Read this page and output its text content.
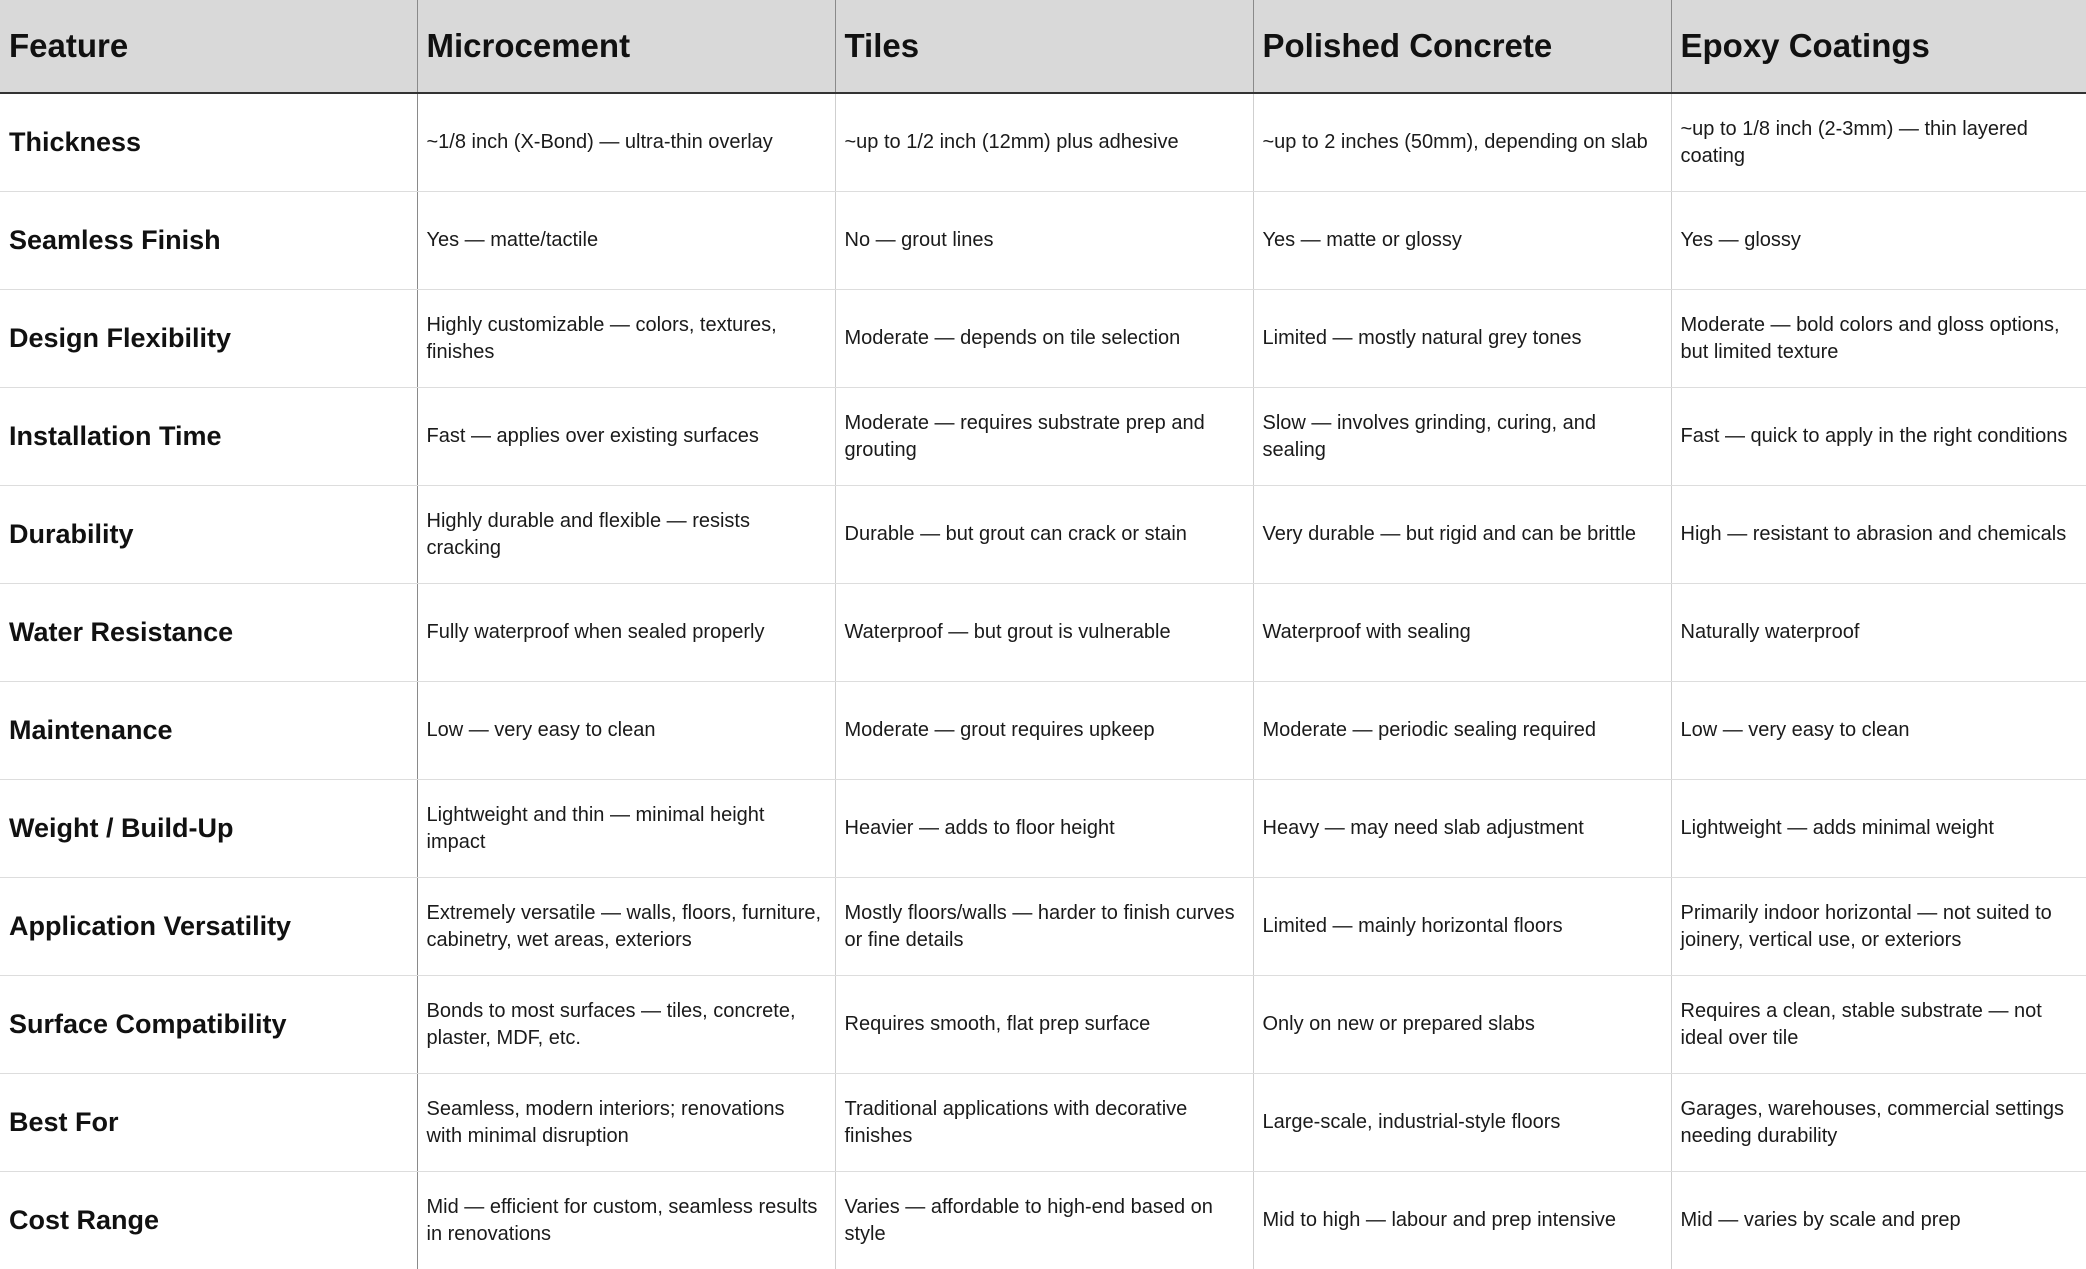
Feature	Microcement	Tiles	Polished Concrete	Epoxy Coatings
Thickness	~1/8 inch (X-Bond) — ultra-thin overlay	~up to 1/2 inch (12mm) plus adhesive	~up to 2 inches (50mm), depending on slab	~up to 1/8 inch (2-3mm) — thin layered coating
Seamless Finish	Yes — matte/tactile	No — grout lines	Yes — matte or glossy	Yes — glossy
Design Flexibility	Highly customizable — colors, textures, finishes	Moderate — depends on tile selection	Limited — mostly natural grey tones	Moderate — bold colors and gloss options, but limited texture
Installation Time	Fast — applies over existing surfaces	Moderate — requires substrate prep and grouting	Slow — involves grinding, curing, and sealing	Fast — quick to apply in the right conditions
Durability	Highly durable and flexible — resists cracking	Durable — but grout can crack or stain	Very durable — but rigid and can be brittle	High — resistant to abrasion and chemicals
Water Resistance	Fully waterproof when sealed properly	Waterproof — but grout is vulnerable	Waterproof with sealing	Naturally waterproof
Maintenance	Low — very easy to clean	Moderate — grout requires upkeep	Moderate — periodic sealing required	Low — very easy to clean
Weight / Build-Up	Lightweight and thin — minimal height impact	Heavier — adds to floor height	Heavy — may need slab adjustment	Lightweight — adds minimal weight
Application Versatility	Extremely versatile — walls, floors, furniture, cabinetry, wet areas, exteriors	Mostly floors/walls — harder to finish curves or fine details	Limited — mainly horizontal floors	Primarily indoor horizontal — not suited to joinery, vertical use, or exteriors
Surface Compatibility	Bonds to most surfaces — tiles, concrete, plaster, MDF, etc.	Requires smooth, flat prep surface	Only on new or prepared slabs	Requires a clean, stable substrate — not ideal over tile
Best For	Seamless, modern interiors; renovations with minimal disruption	Traditional applications with decorative finishes	Large-scale, industrial-style floors	Garages, warehouses, commercial settings needing durability
Cost Range	Mid — efficient for custom, seamless results in renovations	Varies — affordable to high-end based on style	Mid to high — labour and prep intensive	Mid — varies by scale and prep
